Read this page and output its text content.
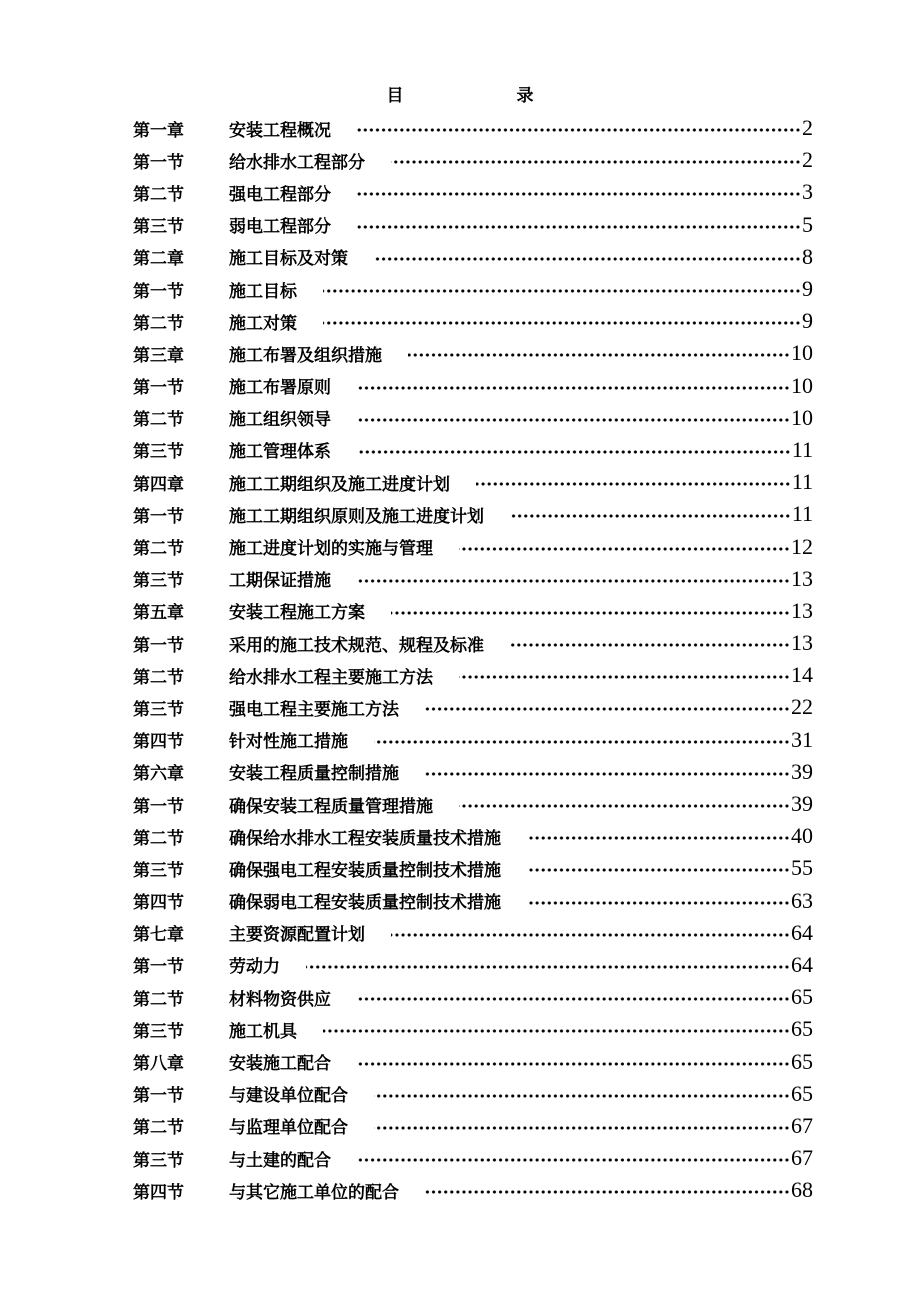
目　录
第一章	安装工程概况	2
第一节	给水排水工程部分	2
第二节	强电工程部分	3
第三节	弱电工程部分	5
第二章	施工目标及对策	8
第一节	施工目标	9
第二节	施工对策	9
第三章	施工布署及组织措施	10
第一节	施工布署原则	10
第二节	施工组织领导	10
第三节	施工管理体系	11
第四章	施工工期组织及施工进度计划	11
第一节	施工工期组织原则及施工进度计划	11
第二节	施工进度计划的实施与管理	12
第三节	工期保证措施	13
第五章	安装工程施工方案	13
第一节	采用的施工技术规范、规程及标准	13
第二节	给水排水工程主要施工方法	14
第三节	强电工程主要施工方法	22
第四节	针对性施工措施	31
第六章	安装工程质量控制措施	39
第一节	确保安装工程质量管理措施	39
第二节	确保给水排水工程安装质量技术措施	40
第三节	确保强电工程安装质量控制技术措施	55
第四节	确保弱电工程安装质量控制技术措施	63
第七章	主要资源配置计划	64
第一节	劳动力	64
第二节	材料物资供应	65
第三节	施工机具	65
第八章	安装施工配合	65
第一节	与建设单位配合	65
第二节	与监理单位配合	67
第三节	与土建的配合	67
第四节	与其它施工单位的配合	68
